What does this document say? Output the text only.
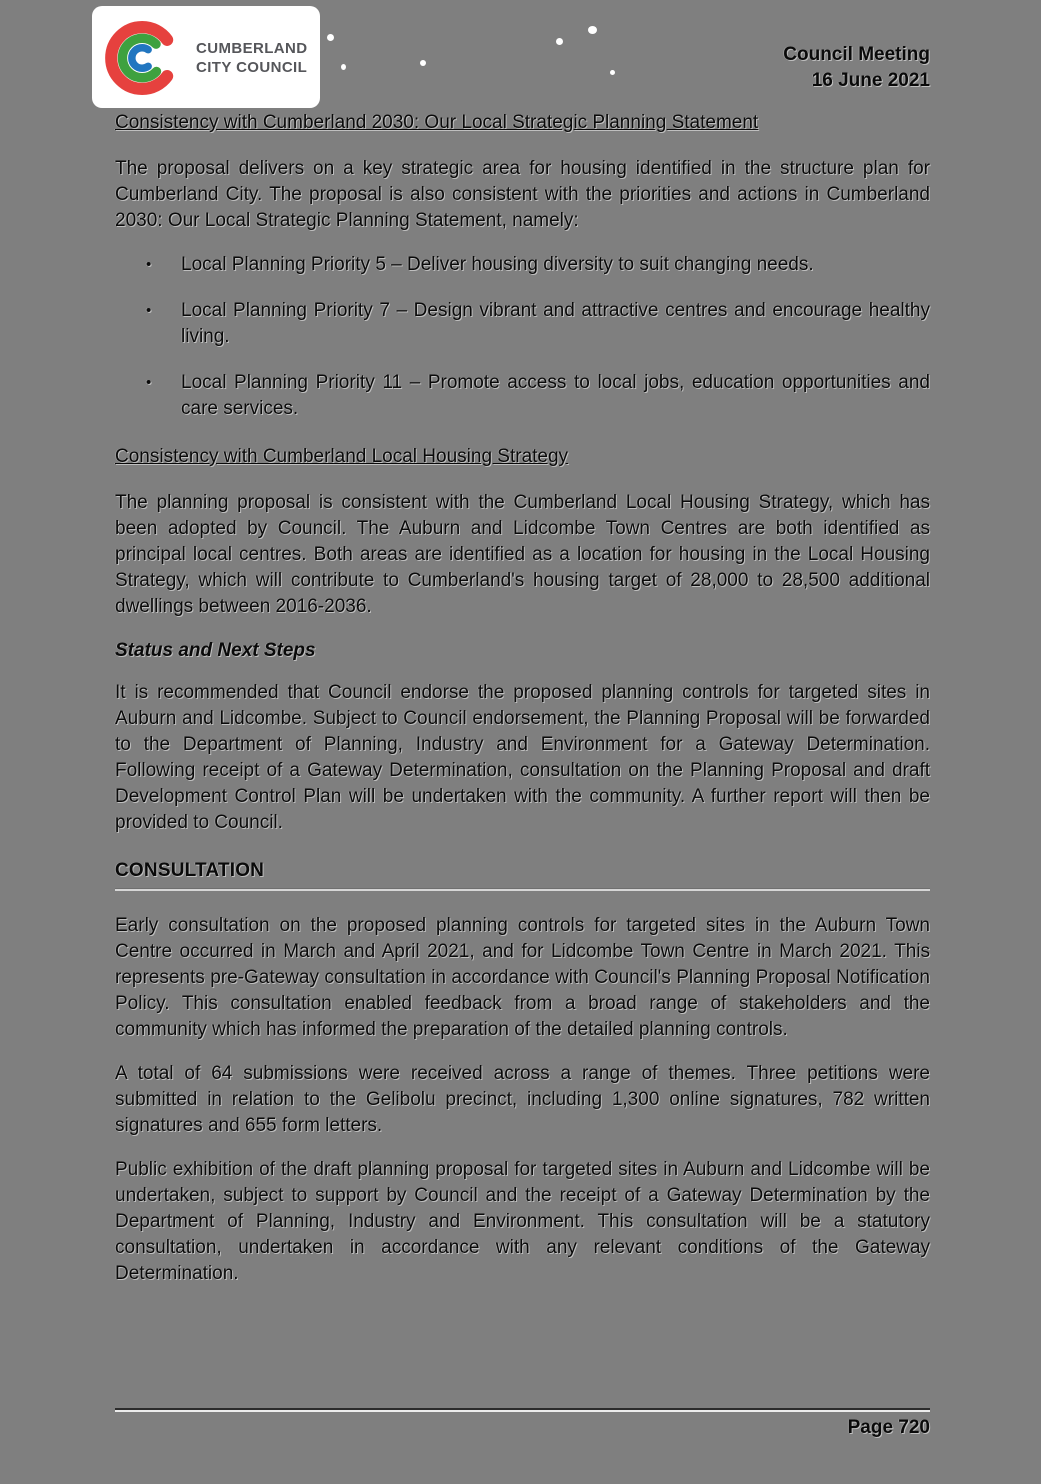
CUMBERLAND
CITY COUNCIL
Council Meeting
16 June 2021
Consistency with Cumberland 2030: Our Local Strategic Planning Statement

The proposal delivers on a key strategic area for housing identified in the structure plan for Cumberland City. The proposal is also consistent with the priorities and actions in Cumberland 2030: Our Local Strategic Planning Statement, namely:

• Local Planning Priority 5 – Deliver housing diversity to suit changing needs.
• Local Planning Priority 7 – Design vibrant and attractive centres and encourage healthy living.
• Local Planning Priority 11 – Promote access to local jobs, education opportunities and care services.
Consistency with Cumberland Local Housing Strategy

The planning proposal is consistent with the Cumberland Local Housing Strategy, which has been adopted by Council. The Auburn and Lidcombe Town Centres are both identified as principal local centres. Both areas are identified as a location for housing in the Local Housing Strategy, which will contribute to Cumberland's housing target of 28,000 to 28,500 additional dwellings between 2016-2036.

Status and Next Steps

It is recommended that Council endorse the proposed planning controls for targeted sites in Auburn and Lidcombe. Subject to Council endorsement, the Planning Proposal will be forwarded to the Department of Planning, Industry and Environment for a Gateway Determination. Following receipt of a Gateway Determination, consultation on the Planning Proposal and draft Development Control Plan will be undertaken with the community. A further report will then be provided to Council.

CONSULTATION

Early consultation on the proposed planning controls for targeted sites in the Auburn Town Centre occurred in March and April 2021, and for Lidcombe Town Centre in March 2021. This represents pre-Gateway consultation in accordance with Council's Planning Proposal Notification Policy. This consultation enabled feedback from a broad range of stakeholders and the community which has informed the preparation of the detailed planning controls.

A total of 64 submissions were received across a range of themes. Three petitions were submitted in relation to the Gelibolu precinct, including 1,300 online signatures, 782 written signatures and 655 form letters.

Public exhibition of the draft planning proposal for targeted sites in Auburn and Lidcombe will be undertaken, subject to support by Council and the receipt of a Gateway Determination by the Department of Planning, Industry and Environment. This consultation will be a statutory consultation, undertaken in accordance with any relevant conditions of the Gateway Determination.

Page 720
